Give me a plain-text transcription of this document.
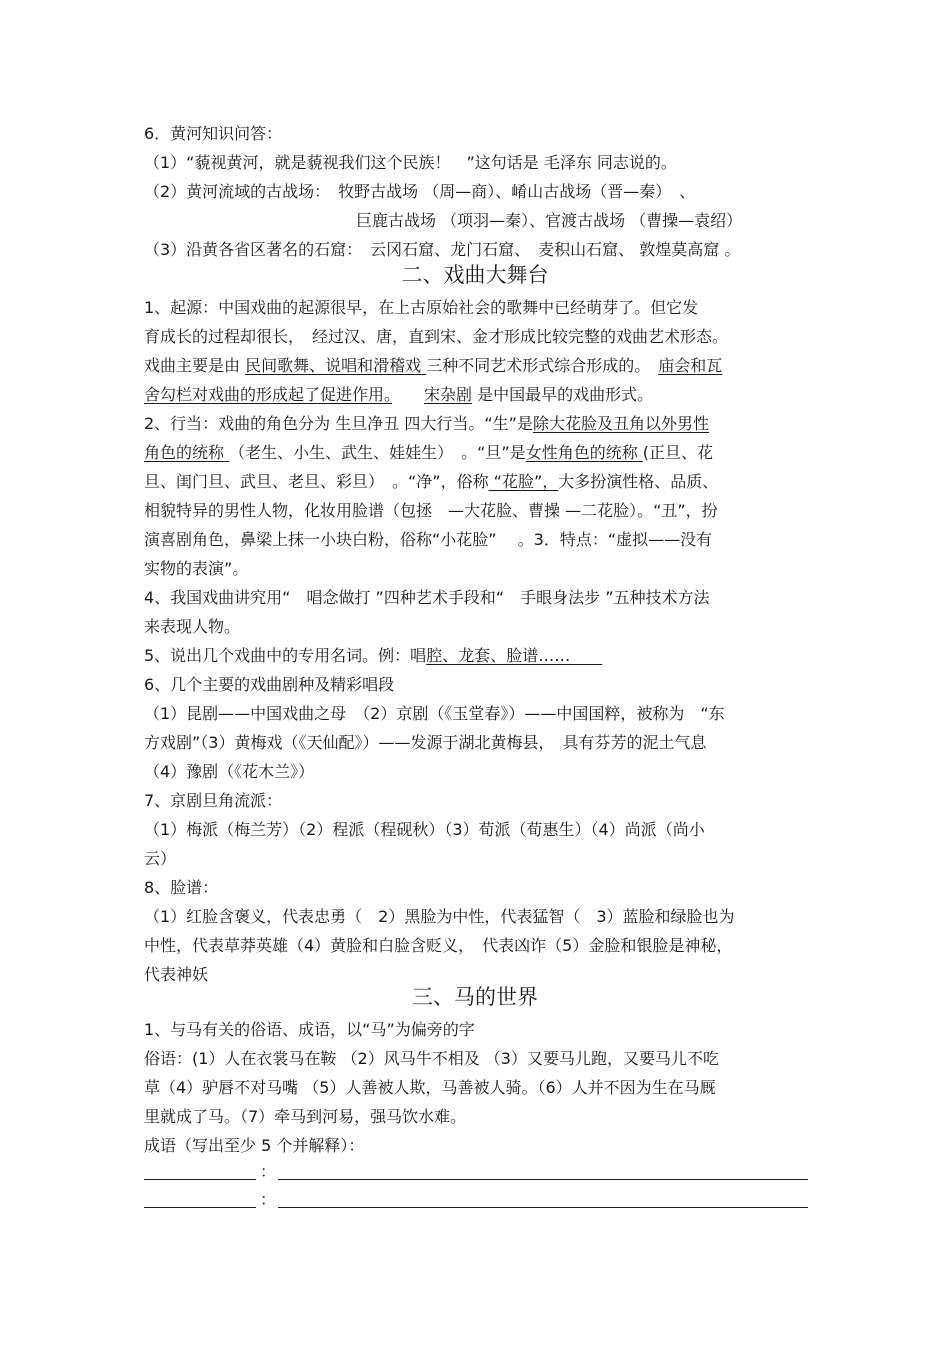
6．黄河知识问答：
（1）“藐视黄河，就是藐视我们这个民族！　”这句话是 毛泽东 同志说的。
（2）黄河流域的古战场：　牧野古战场 （周—商）、崤山古战场（晋—秦）　、
巨鹿古战场 （项羽—秦）、官渡古战场 （曹操—袁绍）
（3）沿黄各省区著名的石窟：　云冈石窟、龙门石窟、　麦积山石窟、 敦煌莫高窟 。
二、戏曲大舞台
1、起源：中国戏曲的起源很早，在上古原始社会的歌舞中已经萌芽了。但它发
育成长的过程却很长，　经过汉、唐，直到宋、金才形成比较完整的戏曲艺术形态。
戏曲主要是由 民间歌舞、说唱和滑稽戏 三种不同艺术形式综合形成的。　庙会和瓦
舍勾栏对戏曲的形成起了促进作用。　　 宋杂剧 是中国最早的戏曲形式。
2、行当：戏曲的角色分为 生旦净丑 四大行当。“生”是除大花脸及丑角以外男性
角色的统称 （老生、小生、武生、娃娃生）　。“旦”是女性角色的统称 (正旦、花
旦、闺门旦、武旦、老旦、彩旦）　。“净”，俗称 “花脸”，大多扮演性格、品质、
相貌特异的男性人物，化妆用脸谱（包拯　—大花脸、曹操 —二花脸）。“丑”，扮
演喜剧角色，鼻梁上抹一小块白粉，俗称“小花脸”　 。3．特点：“虚拟——没有
实物的表演”。
4、我国戏曲讲究用“　唱念做打 ”四种艺术手段和“　手眼身法步 ”五种技术方法
来表现人物。
5、说出几个戏曲中的专用名词。例：唱腔、龙套、脸谱……　　
6、几个主要的戏曲剧种及精彩唱段
（1）昆剧——中国戏曲之母　（2）京剧（《玉堂春》）——中国国粹，被称为　“东
方戏剧”（3）黄梅戏（《天仙配》）——发源于湖北黄梅县，　具有芬芳的泥土气息
（4）豫剧（《花木兰》）
7、京剧旦角流派：
（1）梅派（梅兰芳）（2）程派（程砚秋）（3）荀派（荀惠生）（4）尚派（尚小
云）
8、脸谱：
（1）红脸含褒义，代表忠勇（　2）黑脸为中性，代表猛智（　3）蓝脸和绿脸也为
中性，代表草莽英雄（4）黄脸和白脸含贬义，　代表凶诈（5）金脸和银脸是神秘，
代表神妖
三、马的世界
1、与马有关的俗语、成语，以“马”为偏旁的字
俗语：(1）人在衣裳马在鞍 （2）风马牛不相及 （3）又要马儿跑，又要马儿不吃
草（4）驴唇不对马嘴 （5）人善被人欺，马善被人骑。（6）人并不因为生在马厩
里就成了马。（7）牵马到河易，强马饮水难。
成语（写出至少 5 个并解释）：
：
：
